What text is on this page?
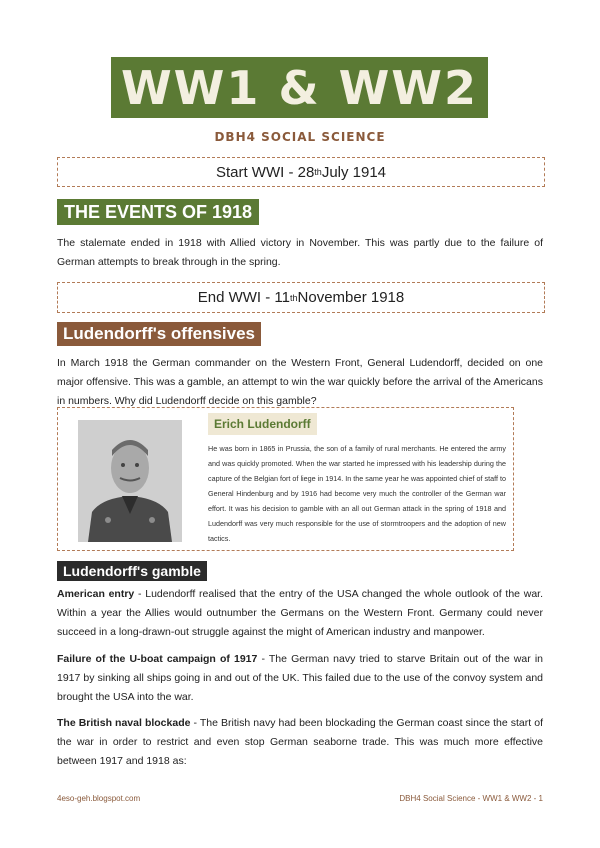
WW1 & WW2
DBH4 SOCIAL SCIENCE
Start WWI - 28 th July 1914
THE EVENTS OF 1918

The stalemate ended in 1918 with Allied victory in November. This was partly due to the failure of German attempts to break through in the spring.

End WWI - 11 th November 1918
Ludendorff's offensives

In March 1918 the German commander on the Western Front, General Ludendorff, decided on one major offensive. This was a gamble, an attempt to win the war quickly before the arrival of the Americans in numbers. Why did Ludendorff decide on this gamble?

Erich Ludendorff

He was born in 1865 in Prussia, the son of a family of rural merchants. He entered the army and was quickly promoted. When the war started he impressed with his leadership during the capture of the Belgian fort of liege in 1914. In the same year he was appointed chief of staff to General Hindenburg and by 1916 had become very much the controller of the German war effort. It was his decision to gamble with an all out German attack in the spring of 1918 and Ludendorff was very much responsible for the use of stormtroopers and the adoption of new tactics.

Ludendorff's gamble

American entry - Ludendorff realised that the entry of the USA changed the whole outlook of the war. Within a year the Allies would outnumber the Germans on the Western Front. Germany could never succeed in a long-drawn-out struggle against the might of American industry and manpower.

Failure of the U-boat campaign of 1917 - The German navy tried to starve Britain out of the war in 1917 by sinking all ships going in and out of the UK. This failed due to the use of the convoy system and brought the USA into the war.

The British naval blockade - The British navy had been blockading the German coast since the start of the war in order to restrict and even stop German seaborne trade. This was much more effective between 1917 and 1918 as:

4eso-geh.blogspot.com	DBH4 Social Science - WW1 & WW2 - 1
